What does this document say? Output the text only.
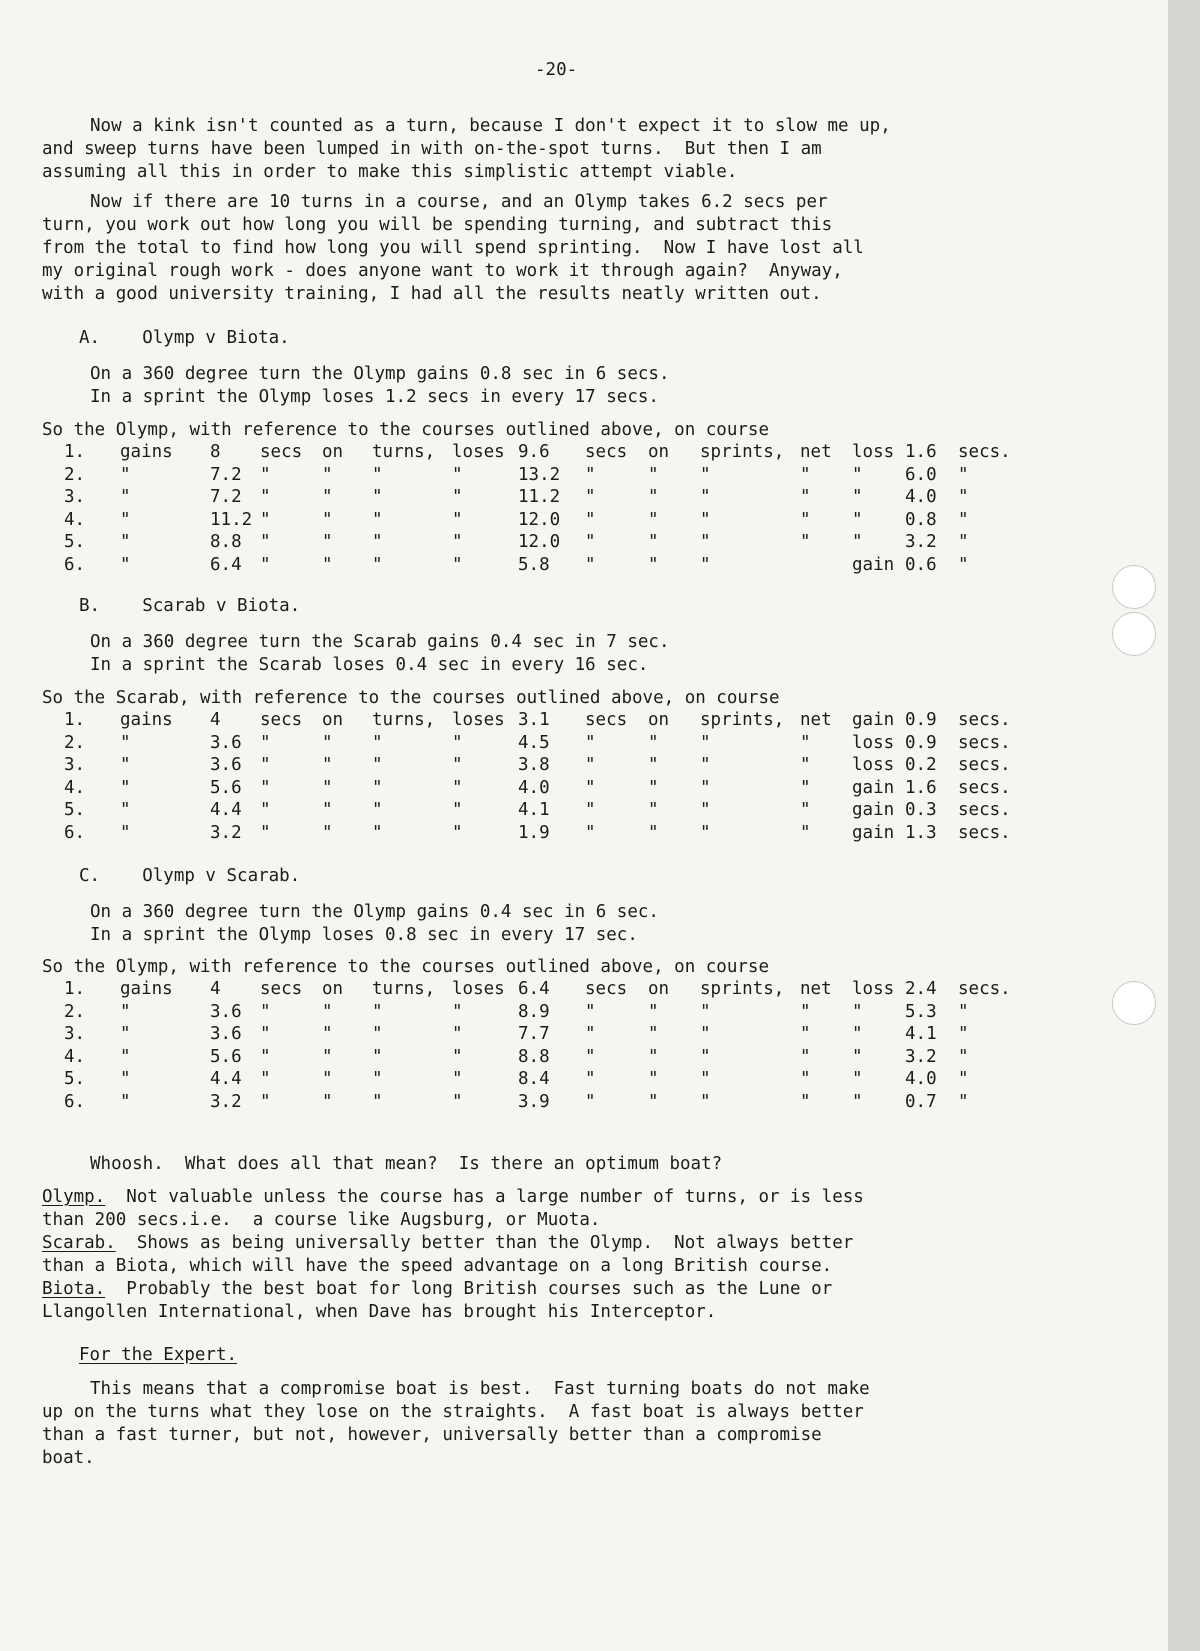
-20-
Now a kink isn't counted as a turn, because I don't expect it to slow me up,
and sweep turns have been lumped in with on-the-spot turns.  But then I am
assuming all this in order to make this simplistic attempt viable.
Now if there are 10 turns in a course, and an Olymp takes 6.2 secs per
turn, you work out how long you will be spending turning, and subtract this
from the total to find how long you will spend sprinting.  Now I have lost all
my original rough work - does anyone want to work it through again?  Anyway,
with a good university training, I had all the results neatly written out.
A.    Olymp v Biota.
On a 360 degree turn the Olymp gains 0.8 sec in 6 secs.
In a sprint the Olymp loses 1.2 secs in every 17 secs.
So the Olymp, with reference to the courses outlined above, on course
1. gains 8 secs on turns, loses 9.6 secs on sprints, net loss 1.6 secs.
2. "	7.2 "	" "	"	13.2 "	" "	" " 6.0 "
3. "	7.2 "	" "	"	11.2 "	" "	" " 4.0 "
4. "	11.2 "	" "	"	12.0 "	" "	" " 0.8 "
5. "	8.8 "	" "	"	12.0 "	" "	" " 3.2 "
6. "	6.4 "	" "	"	5.8 "	" "	gain 0.6 "
B.    Scarab v Biota.
On a 360 degree turn the Scarab gains 0.4 sec in 7 sec.
In a sprint the Scarab loses 0.4 sec in every 16 sec.
So the Scarab, with reference to the courses outlined above, on course
1. gains 4 secs on turns, loses 3.1 secs on sprints, net gain 0.9 secs.
2. "	3.6 "	" "	"	4.5 "	" "	" loss 0.9 secs.
3. "	3.6 "	" "	"	3.8 "	" "	" loss 0.2 secs.
4. "	5.6 "	" "	"	4.0 "	" "	" gain 1.6 secs.
5. "	4.4 "	" "	"	4.1 "	" "	" gain 0.3 secs.
6. "	3.2 "	" "	"	1.9 "	" "	" gain 1.3 secs.
C.    Olymp v Scarab.
On a 360 degree turn the Olymp gains 0.4 sec in 6 sec.
In a sprint the Olymp loses 0.8 sec in every 17 sec.
So the Olymp, with reference to the courses outlined above, on course
1. gains 4 secs on turns, loses 6.4 secs on sprints, net loss 2.4 secs.
2. "	3.6 "	" "	"	8.9 "	" "	" " 5.3 "
3. "	3.6 "	" "	"	7.7 "	" "	" " 4.1 "
4. "	5.6 "	" "	"	8.8 "	" "	" " 3.2 "
5. "	4.4 "	" "	"	8.4 "	" "	" " 4.0 "
6. "	3.2 "	" "	"	3.9 "	" "	" " 0.7 "
Whoosh.  What does all that mean?  Is there an optimum boat?
Olymp.  Not valuable unless the course has a large number of turns, or is less
than 200 secs.i.e.  a course like Augsburg, or Muota.
Scarab.  Shows as being universally better than the Olymp.  Not always better
than a Biota, which will have the speed advantage on a long British course.
Biota.  Probably the best boat for long British courses such as the Lune or
Llangollen International, when Dave has brought his Interceptor.
For the Expert.
This means that a compromise boat is best.  Fast turning boats do not make
up on the turns what they lose on the straights.  A fast boat is always better
than a fast turner, but not, however, universally better than a compromise
boat.
